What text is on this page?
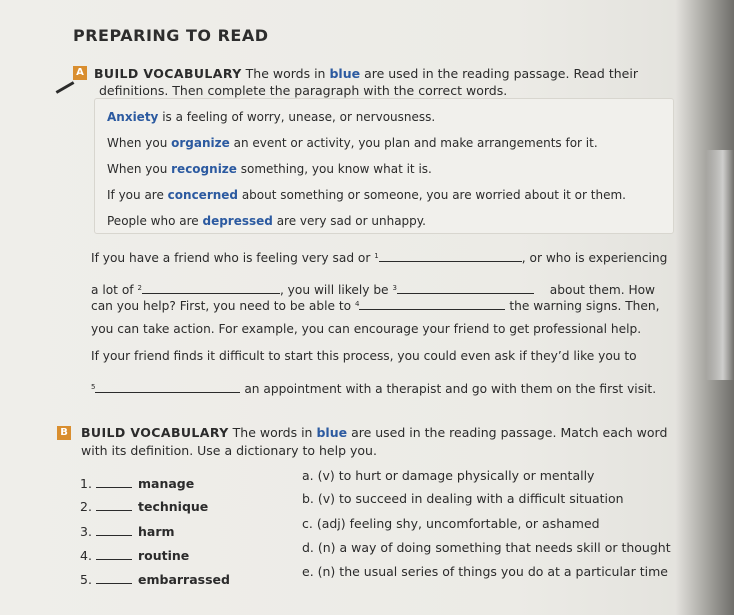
PREPARING TO READ
A BUILD VOCABULARY The words in blue are used in the reading passage. Read their
definitions. Then complete the paragraph with the correct words.
Anxiety is a feeling of worry, unease, or nervousness.
When you organize an event or activity, you plan and make arrangements for it.
When you recognize something, you know what it is.
If you are concerned about something or someone, you are worried about it or them.
People who are depressed are very sad or unhappy.
If you have a friend who is feeling very sad or $^1$	, or who is experiencing
a lot of $^2$	, you will likely be $^3$	about them. How
can you help? First, you need to be able to $^4$	the warning signs. Then,
you can take action. For example, you can encourage your friend to get professional help.
If your friend finds it difficult to start this process, you could even ask if they’d like you to
$^5$	an appointment with a therapist and go with them on the first visit.
B BUILD VOCABULARY The words in blue are used in the reading passage. Match each word
with its definition. Use a dictionary to help you.
1.	manage
a. (v) to hurt or damage physically or mentally
2.	technique
b. (v) to succeed in dealing with a difficult situation
3.	harm
c. (adj) feeling shy, uncomfortable, or ashamed
4.	routine
d. (n) a way of doing something that needs skill or thought
5.	embarrassed
e. (n) the usual series of things you do at a particular time
